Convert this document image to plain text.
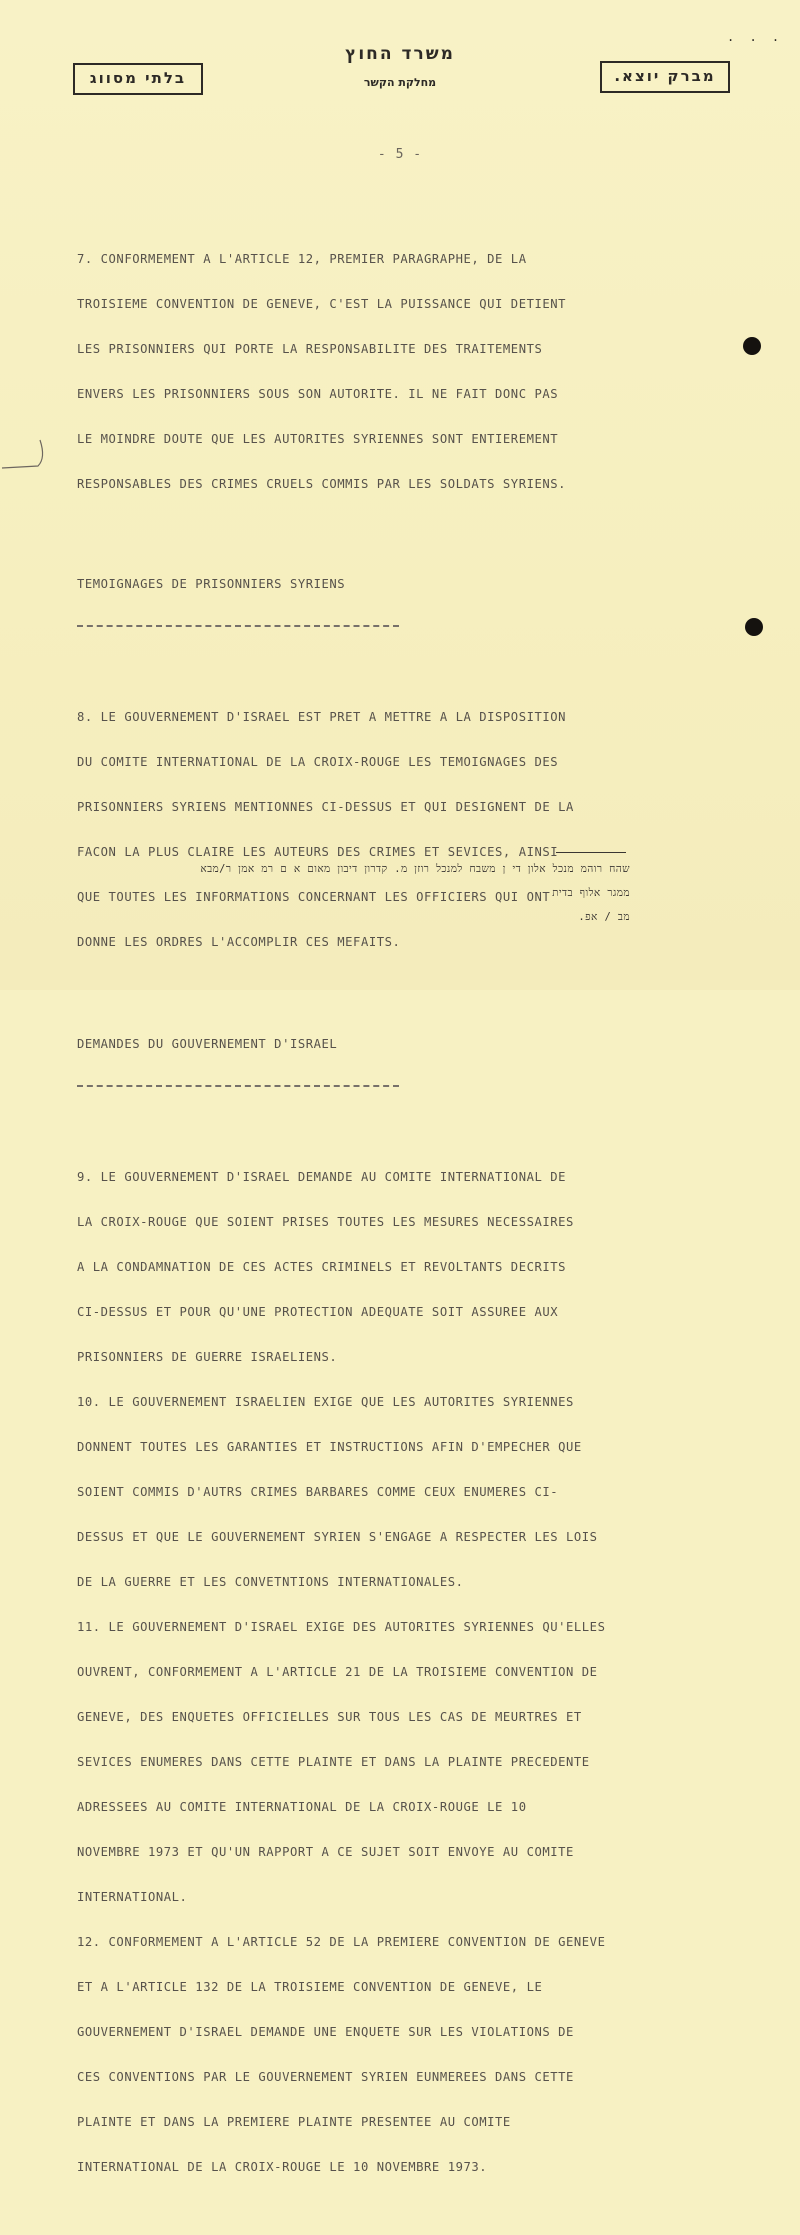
. . .
בלתי מסווג
משרד החוץ
מחלקת הקשר	מברק יוצא.
- 5 -

7. CONFORMEMENT A L'ARTICLE 12, PREMIER PARAGRAPHE, DE LA

TROISIEME CONVENTION DE GENEVE, C'EST LA PUISSANCE QUI DETIENT

LES PRISONNIERS QUI PORTE LA RESPONSABILITE DES TRAITEMENTS

ENVERS LES PRISONNIERS SOUS SON AUTORITE. IL NE FAIT DONC PAS

LE MOINDRE DOUTE QUE LES AUTORITES SYRIENNES SONT ENTIEREMENT

RESPONSABLES DES CRIMES CRUELS COMMIS PAR LES SOLDATS SYRIENS.

TEMOIGNAGES DE PRISONNIERS SYRIENS

8. LE GOUVERNEMENT D'ISRAEL EST PRET A METTRE A LA DISPOSITION

DU COMITE INTERNATIONAL DE LA CROIX-ROUGE LES TEMOIGNAGES DES

PRISONNIERS SYRIENS MENTIONNES CI-DESSUS ET QUI DESIGNENT DE LA

FACON LA PLUS CLAIRE LES AUTEURS DES CRIMES ET SEVICES, AINSI

QUE TOUTES LES INFORMATIONS CONCERNANT LES OFFICIERS QUI ONT

DONNE LES ORDRES L'ACCOMPLIR CES MEFAITS.

DEMANDES DU GOUVERNEMENT D'ISRAEL

9. LE GOUVERNEMENT D'ISRAEL DEMANDE AU COMITE INTERNATIONAL DE

LA CROIX-ROUGE QUE SOIENT PRISES TOUTES LES MESURES NECESSAIRES

A LA CONDAMNATION DE CES ACTES CRIMINELS ET REVOLTANTS DECRITS

CI-DESSUS ET POUR QU'UNE PROTECTION ADEQUATE SOIT ASSUREE AUX

PRISONNIERS DE GUERRE ISRAELIENS.

10. LE GOUVERNEMENT ISRAELIEN EXIGE QUE LES AUTORITES SYRIENNES

DONNENT TOUTES LES GARANTIES ET INSTRUCTIONS AFIN D'EMPECHER QUE

SOIENT COMMIS D'AUTRS CRIMES BARBARES COMME CEUX ENUMERES CI-

DESSUS ET QUE LE GOUVERNEMENT SYRIEN S'ENGAGE A RESPECTER LES LOIS

DE LA GUERRE ET LES CONVETNTIONS INTERNATIONALES.

11. LE GOUVERNEMENT D'ISRAEL EXIGE DES AUTORITES SYRIENNES QU'ELLES

OUVRENT, CONFORMEMENT A L'ARTICLE 21 DE LA TROISIEME CONVENTION DE

GENEVE, DES ENQUETES OFFICIELLES SUR TOUS LES CAS DE MEURTRES ET

SEVICES ENUMERES DANS CETTE PLAINTE ET DANS LA PLAINTE PRECEDENTE

ADRESSEES AU COMITE INTERNATIONAL DE LA CROIX-ROUGE LE 10

NOVEMBRE 1973 ET QU'UN RAPPORT A CE SUJET SOIT ENVOYE AU COMITE

INTERNATIONAL.

12. CONFORMEMENT A L'ARTICLE 52 DE LA PREMIERE CONVENTION DE GENEVE

ET A L'ARTICLE 132 DE LA TROISIEME CONVENTION DE GENEVE, LE

GOUVERNEMENT D'ISRAEL DEMANDE UNE ENQUETE SUR LES VIOLATIONS DE

CES CONVENTIONS PAR LE GOUVERNEMENT SYRIEN EUNMEREES DANS CETTE

PLAINTE ET DANS LA PREMIERE PLAINTE PRESENTEE AU COMITE

INTERNATIONAL DE LA CROIX-ROUGE LE 10 NOVEMBRE 1973.

שהח רוהמ מנכל אלון די ן משבח למנכל רוזן מ. קדרון דיבון מאום א ם רמ אמן ר/מבא
ממגר אלוף בדית
מב / אפ.
